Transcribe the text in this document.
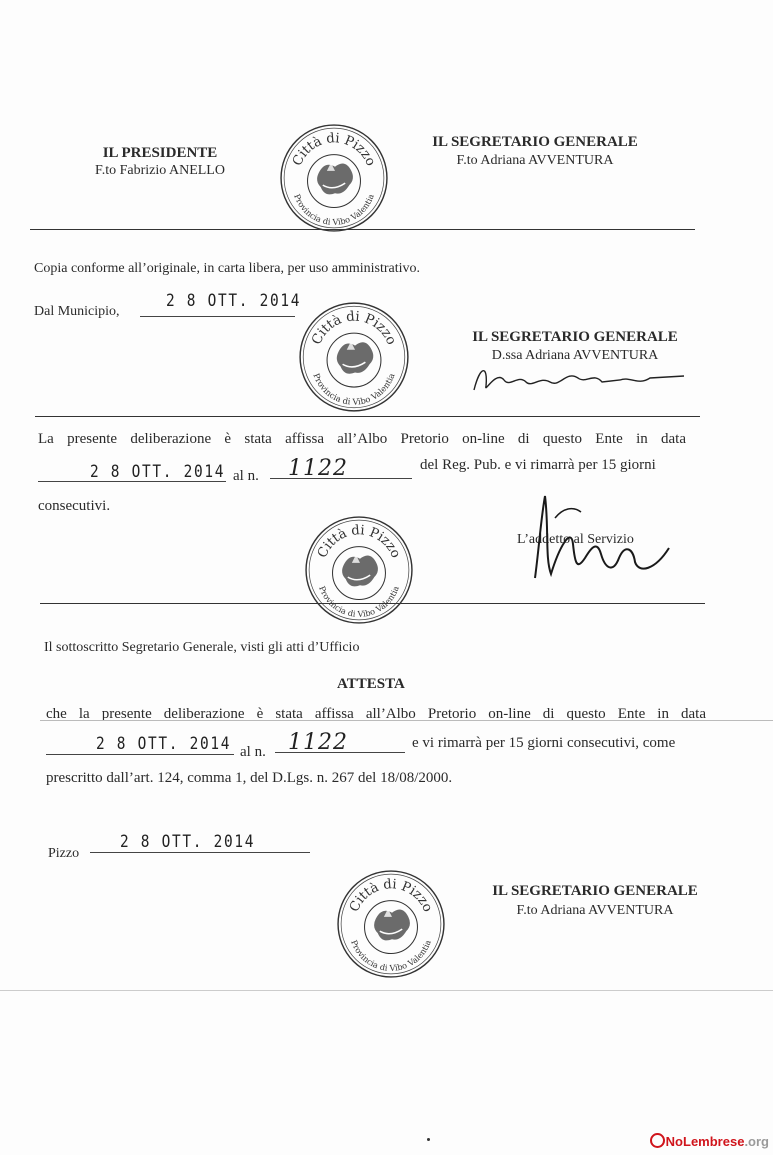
IL PRESIDENTE
F.to Fabrizio ANELLO
Città di Pizzo
Provincia di Vibo Valentia
IL SEGRETARIO GENERALE
F.to Adriana AVVENTURA
Copia conforme all’originale, in carta libera, per uso amministrativo.
Dal Municipio,
2 8 OTT. 2014
Città di Pizzo
Provincia di Vibo Valentia
IL SEGRETARIO GENERALE
D.ssa Adriana AVVENTURA
La presente deliberazione è stata affissa all’Albo Pretorio on-line di questo Ente in data
2 8 OTT. 2014 al n. 1122	del Reg. Pub. e vi rimarrà per 15 giorni
consecutivi.
Città di Pizzo
Provincia di Vibo Valentia
L’addetto al Servizio
Il sottoscritto Segretario Generale, visti gli atti d’Ufficio
ATTESTA
che la presente deliberazione è stata affissa all’Albo Pretorio on-line di questo Ente in data
2 8 OTT. 2014 al n. 1122	e vi rimarrà per 15 giorni consecutivi, come
prescritto dall’art. 124, comma 1, del D.Lgs. n. 267 del 18/08/2000.
Pizzo
2 8 OTT. 2014
Città di Pizzo
Provincia di Vibo Valentia
IL SEGRETARIO GENERALE
F.to Adriana AVVENTURA
NoLembrese.org
